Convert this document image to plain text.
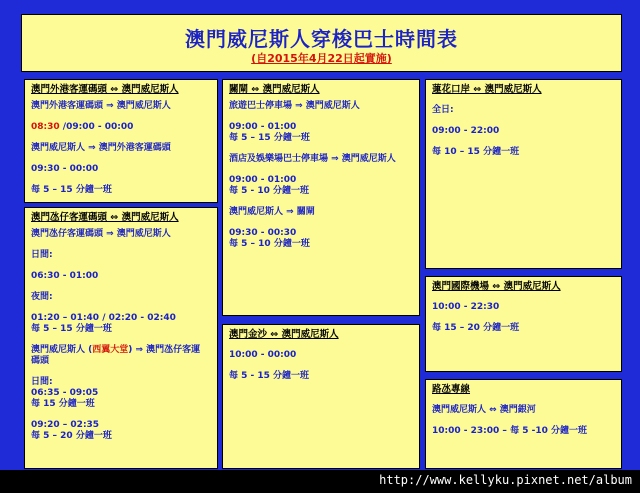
澳門威尼斯人穿梭巴士時間表
(自2015年4月22日起實施)
澳門外港客運碼頭 ⇔ 澳門威尼斯人
澳門外港客運碼頭 ⇒ 澳門威尼斯人
08:30 /09:00 - 00:00
澳門威尼斯人 ⇒ 澳門外港客運碼頭
09:30 - 00:00
每 5 – 15 分鐘一班
澳門氹仔客運碼頭 ⇔ 澳門威尼斯人
澳門氹仔客運碼頭 ⇒ 澳門威尼斯人
日間:
06:30 - 01:00
夜間:
01:20 – 01:40 / 02:20 - 02:40
每 5 – 15 分鐘一班
澳門威尼斯人 (西翼大堂) ⇒ 澳門氹仔客運
碼頭
日間:
06:35 - 09:05
每 15 分鐘一班
09:20 – 02:35
每 5 – 20 分鐘一班
關閘 ⇔ 澳門威尼斯人
旅遊巴士停車場 ⇒ 澳門威尼斯人
09:00 - 01:00
每 5 – 15 分鐘一班
酒店及娛樂場巴士停車場 ⇒ 澳門威尼斯人
09:00 - 01:00
每 5 - 10 分鐘一班
澳門威尼斯人 ⇒ 關閘
09:30 - 00:30
每 5 – 10 分鐘一班
澳門金沙 ⇔ 澳門威尼斯人
10:00 - 00:00
每 5 - 15 分鐘一班
蓮花口岸 ⇔ 澳門威尼斯人
全日:
09:00 - 22:00
每 10 – 15 分鐘一班
澳門國際機場 ⇔ 澳門威尼斯人
10:00 - 22:30
每 15 – 20 分鐘一班
路氹專線
澳門威尼斯人 ⇔ 澳門銀河
10:00 - 23:00 – 每 5 -10 分鐘一班
http://www.kellyku.pixnet.net/album
